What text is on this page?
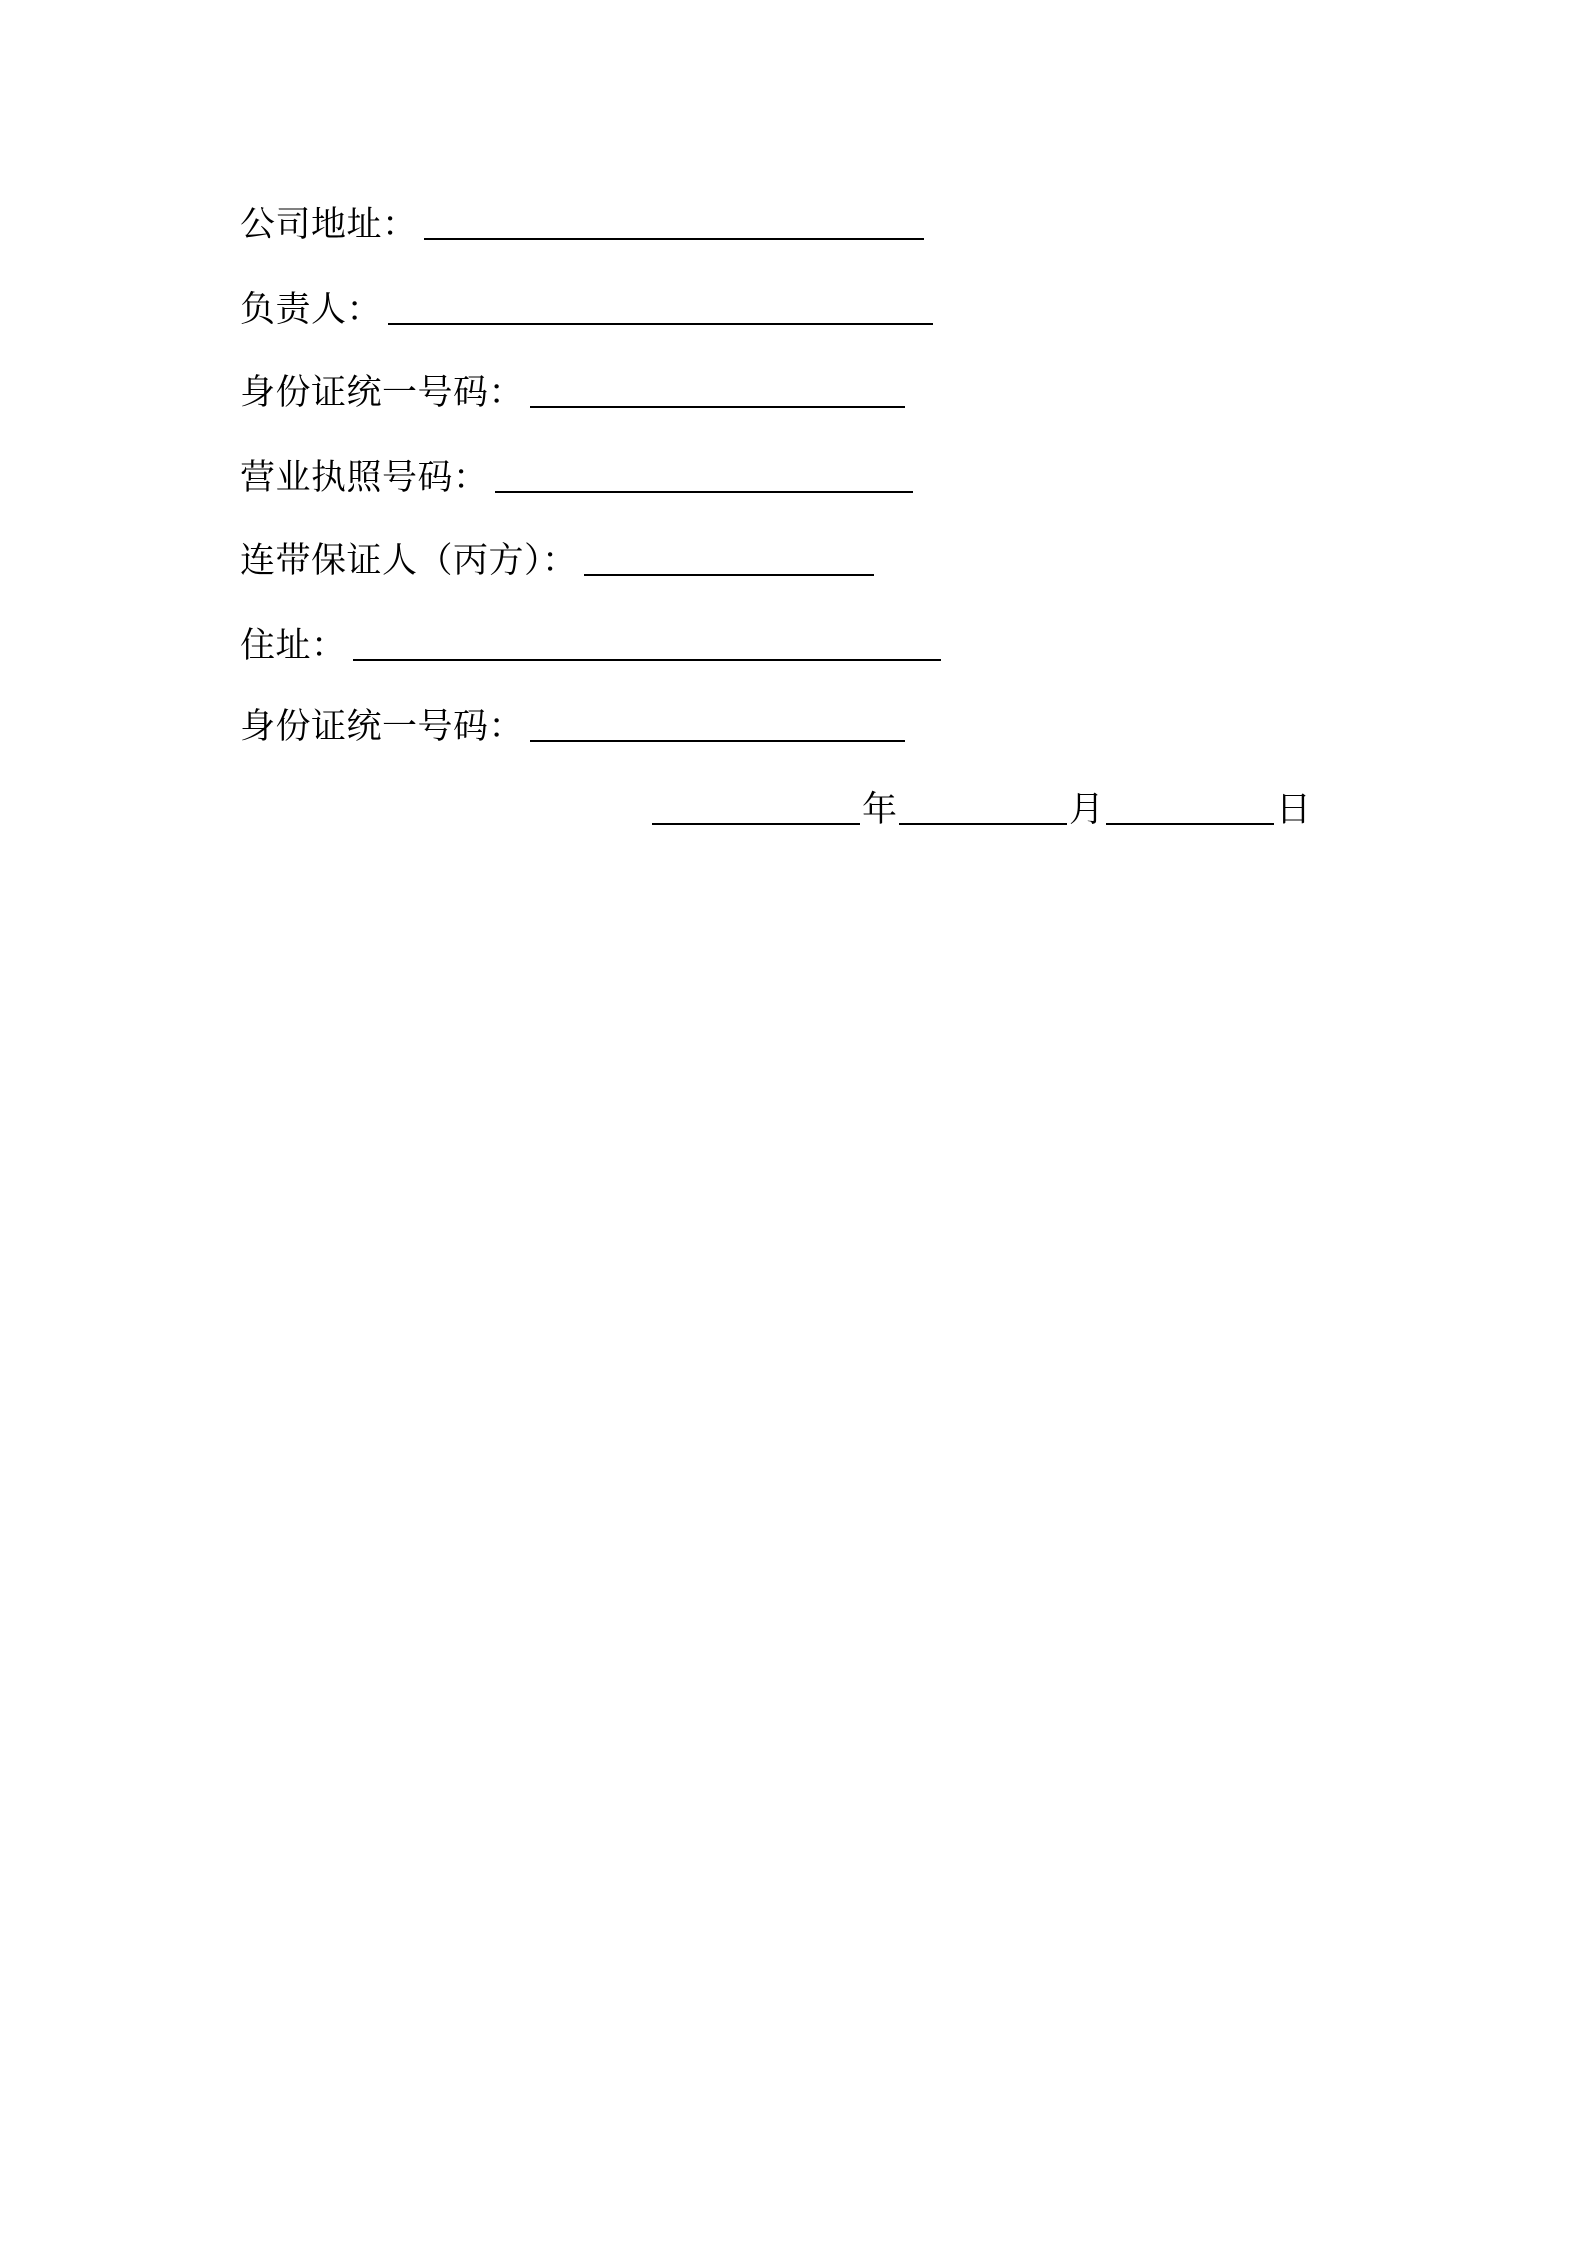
公司地址：
负责人：
身份证统一号码：
营业执照号码：
连带保证人（丙方）：
住址：
身份证统一号码：
年	月	日
